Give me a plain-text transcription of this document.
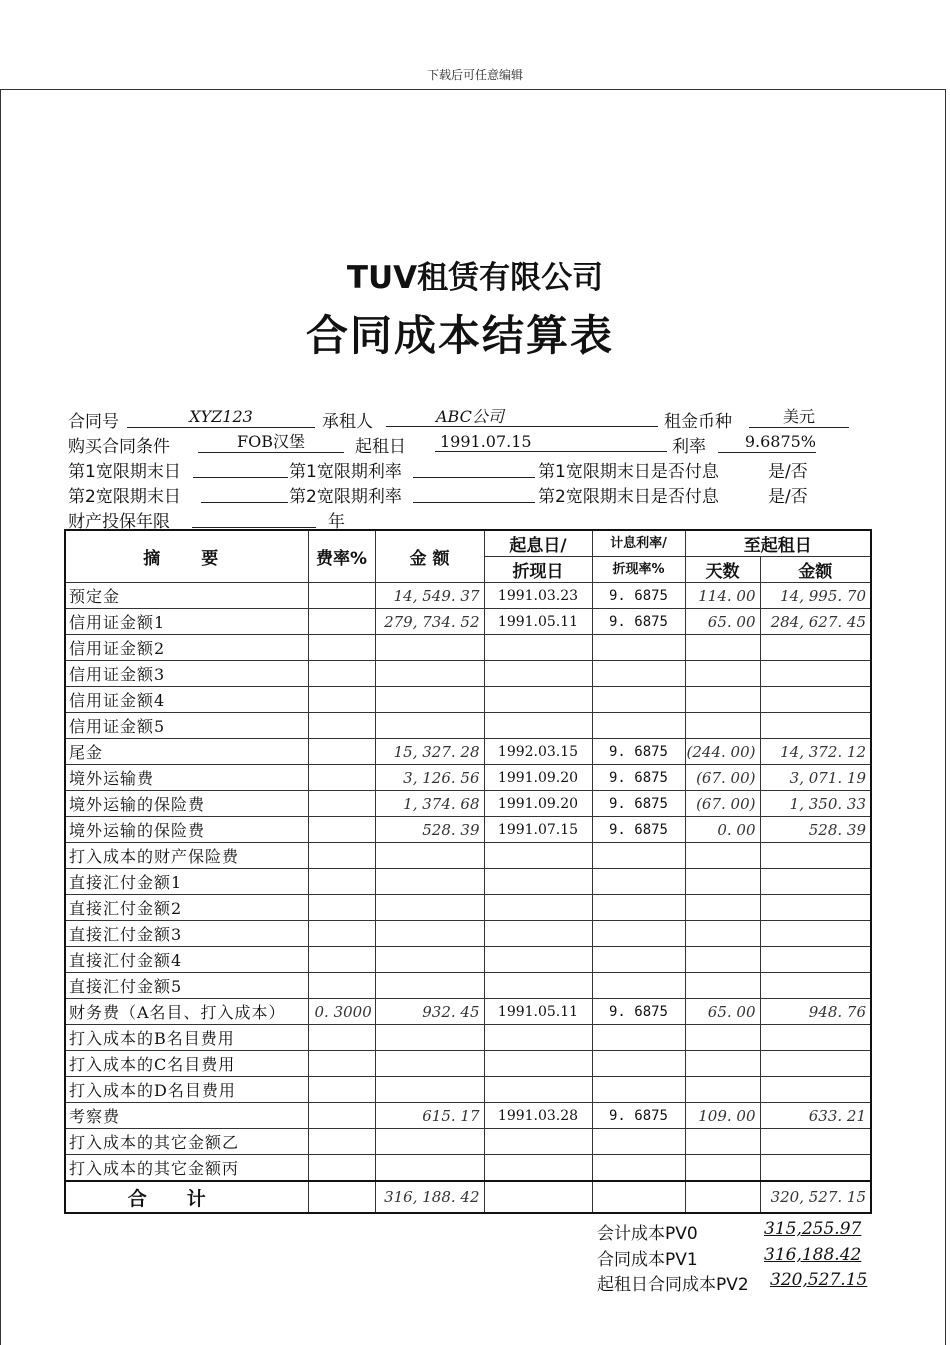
下载后可任意编辑
TUV租赁有限公司
合同成本结算表
合同号	XYZ123	承租人	ABC公司	租金币种	美元
购买合同条件	FOB汉堡	起租日	1991.07.15	利率	9.6875%
第1宽限期末日	第1宽限期利率	第1宽限期末日是否付息	是/否
第2宽限期末日	第2宽限期利率	第2宽限期末日是否付息	是/否
财产投保年限	年
摘　要	费率%	金 额	起息日/	计息利率/	至起租日	
			折现日	折现率%	天数	金额
预定金		14, 549. 37	1991.03.23	9. 6875	114. 00	14, 995. 70
信用证金额1		279, 734. 52	1991.05.11	9. 6875	65. 00	284, 627. 45
信用证金额2						
信用证金额3						
信用证金额4						
信用证金额5						
尾金		15, 327. 28	1992.03.15	9. 6875	(244. 00)	14, 372. 12
境外运输费		3, 126. 56	1991.09.20	9. 6875	(67. 00)	3, 071. 19
境外运输的保险费		1, 374. 68	1991.09.20	9. 6875	(67. 00)	1, 350. 33
境外运输的保险费		528. 39	1991.07.15	9. 6875	0. 00	528. 39
打入成本的财产保险费						
直接汇付金额1						
直接汇付金额2						
直接汇付金额3						
直接汇付金额4						
直接汇付金额5						
财务费（A名目、打入成本）	0. 3000	932. 45	1991.05.11	9. 6875	65. 00	948. 76
打入成本的B名目费用						
打入成本的C名目费用						
打入成本的D名目费用						
考察费		615. 17	1991.03.28	9. 6875	109. 00	633. 21
打入成本的其它金额乙						
打入成本的其它金额丙						
合计		316, 188. 42				320, 527. 15
会计成本PV0	315,255.97
合同成本PV1	316,188.42
起租日合同成本PV2 320,527.15
